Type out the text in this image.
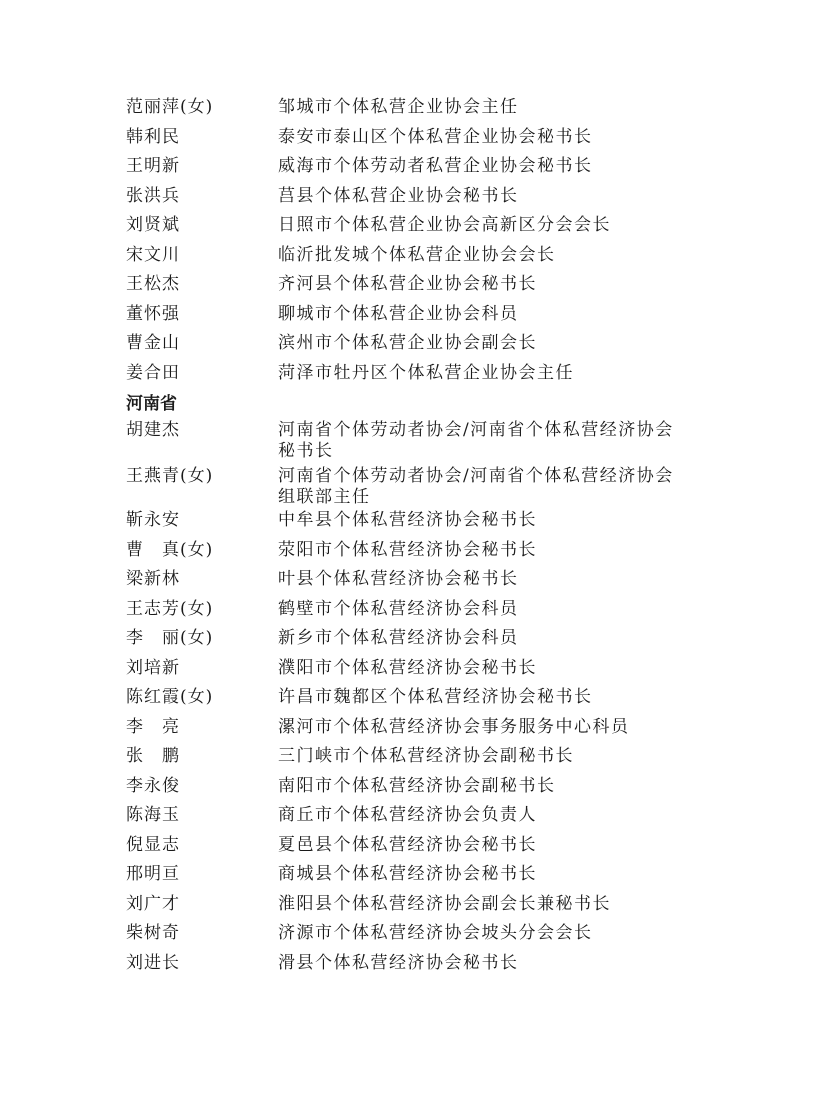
范丽萍(女)	邹城市个体私营企业协会主任
韩利民	泰安市泰山区个体私营企业协会秘书长
王明新	威海市个体劳动者私营企业协会秘书长
张洪兵	莒县个体私营企业协会秘书长
刘贤斌	日照市个体私营企业协会高新区分会会长
宋文川	临沂批发城个体私营企业协会会长
王松杰	齐河县个体私营企业协会秘书长
董怀强	聊城市个体私营企业协会科员
曹金山	滨州市个体私营企业协会副会长
姜合田	菏泽市牡丹区个体私营企业协会主任
河南省
胡建杰	河南省个体劳动者协会/河南省个体私营经济协会秘书长
王燕青(女)	河南省个体劳动者协会/河南省个体私营经济协会组联部主任
靳永安	中牟县个体私营经济协会秘书长
曹　真(女)	荥阳市个体私营经济协会秘书长
梁新林	叶县个体私营经济协会秘书长
王志芳(女)	鹤壁市个体私营经济协会科员
李　丽(女)	新乡市个体私营经济协会科员
刘培新	濮阳市个体私营经济协会秘书长
陈红霞(女)	许昌市魏都区个体私营经济协会秘书长
李　亮	漯河市个体私营经济协会事务服务中心科员
张　鹏	三门峡市个体私营经济协会副秘书长
李永俊	南阳市个体私营经济协会副秘书长
陈海玉	商丘市个体私营经济协会负责人
倪显志	夏邑县个体私营经济协会秘书长
邢明亘	商城县个体私营经济协会秘书长
刘广才	淮阳县个体私营经济协会副会长兼秘书长
柴树奇	济源市个体私营经济协会坡头分会会长
刘进长	滑县个体私营经济协会秘书长
